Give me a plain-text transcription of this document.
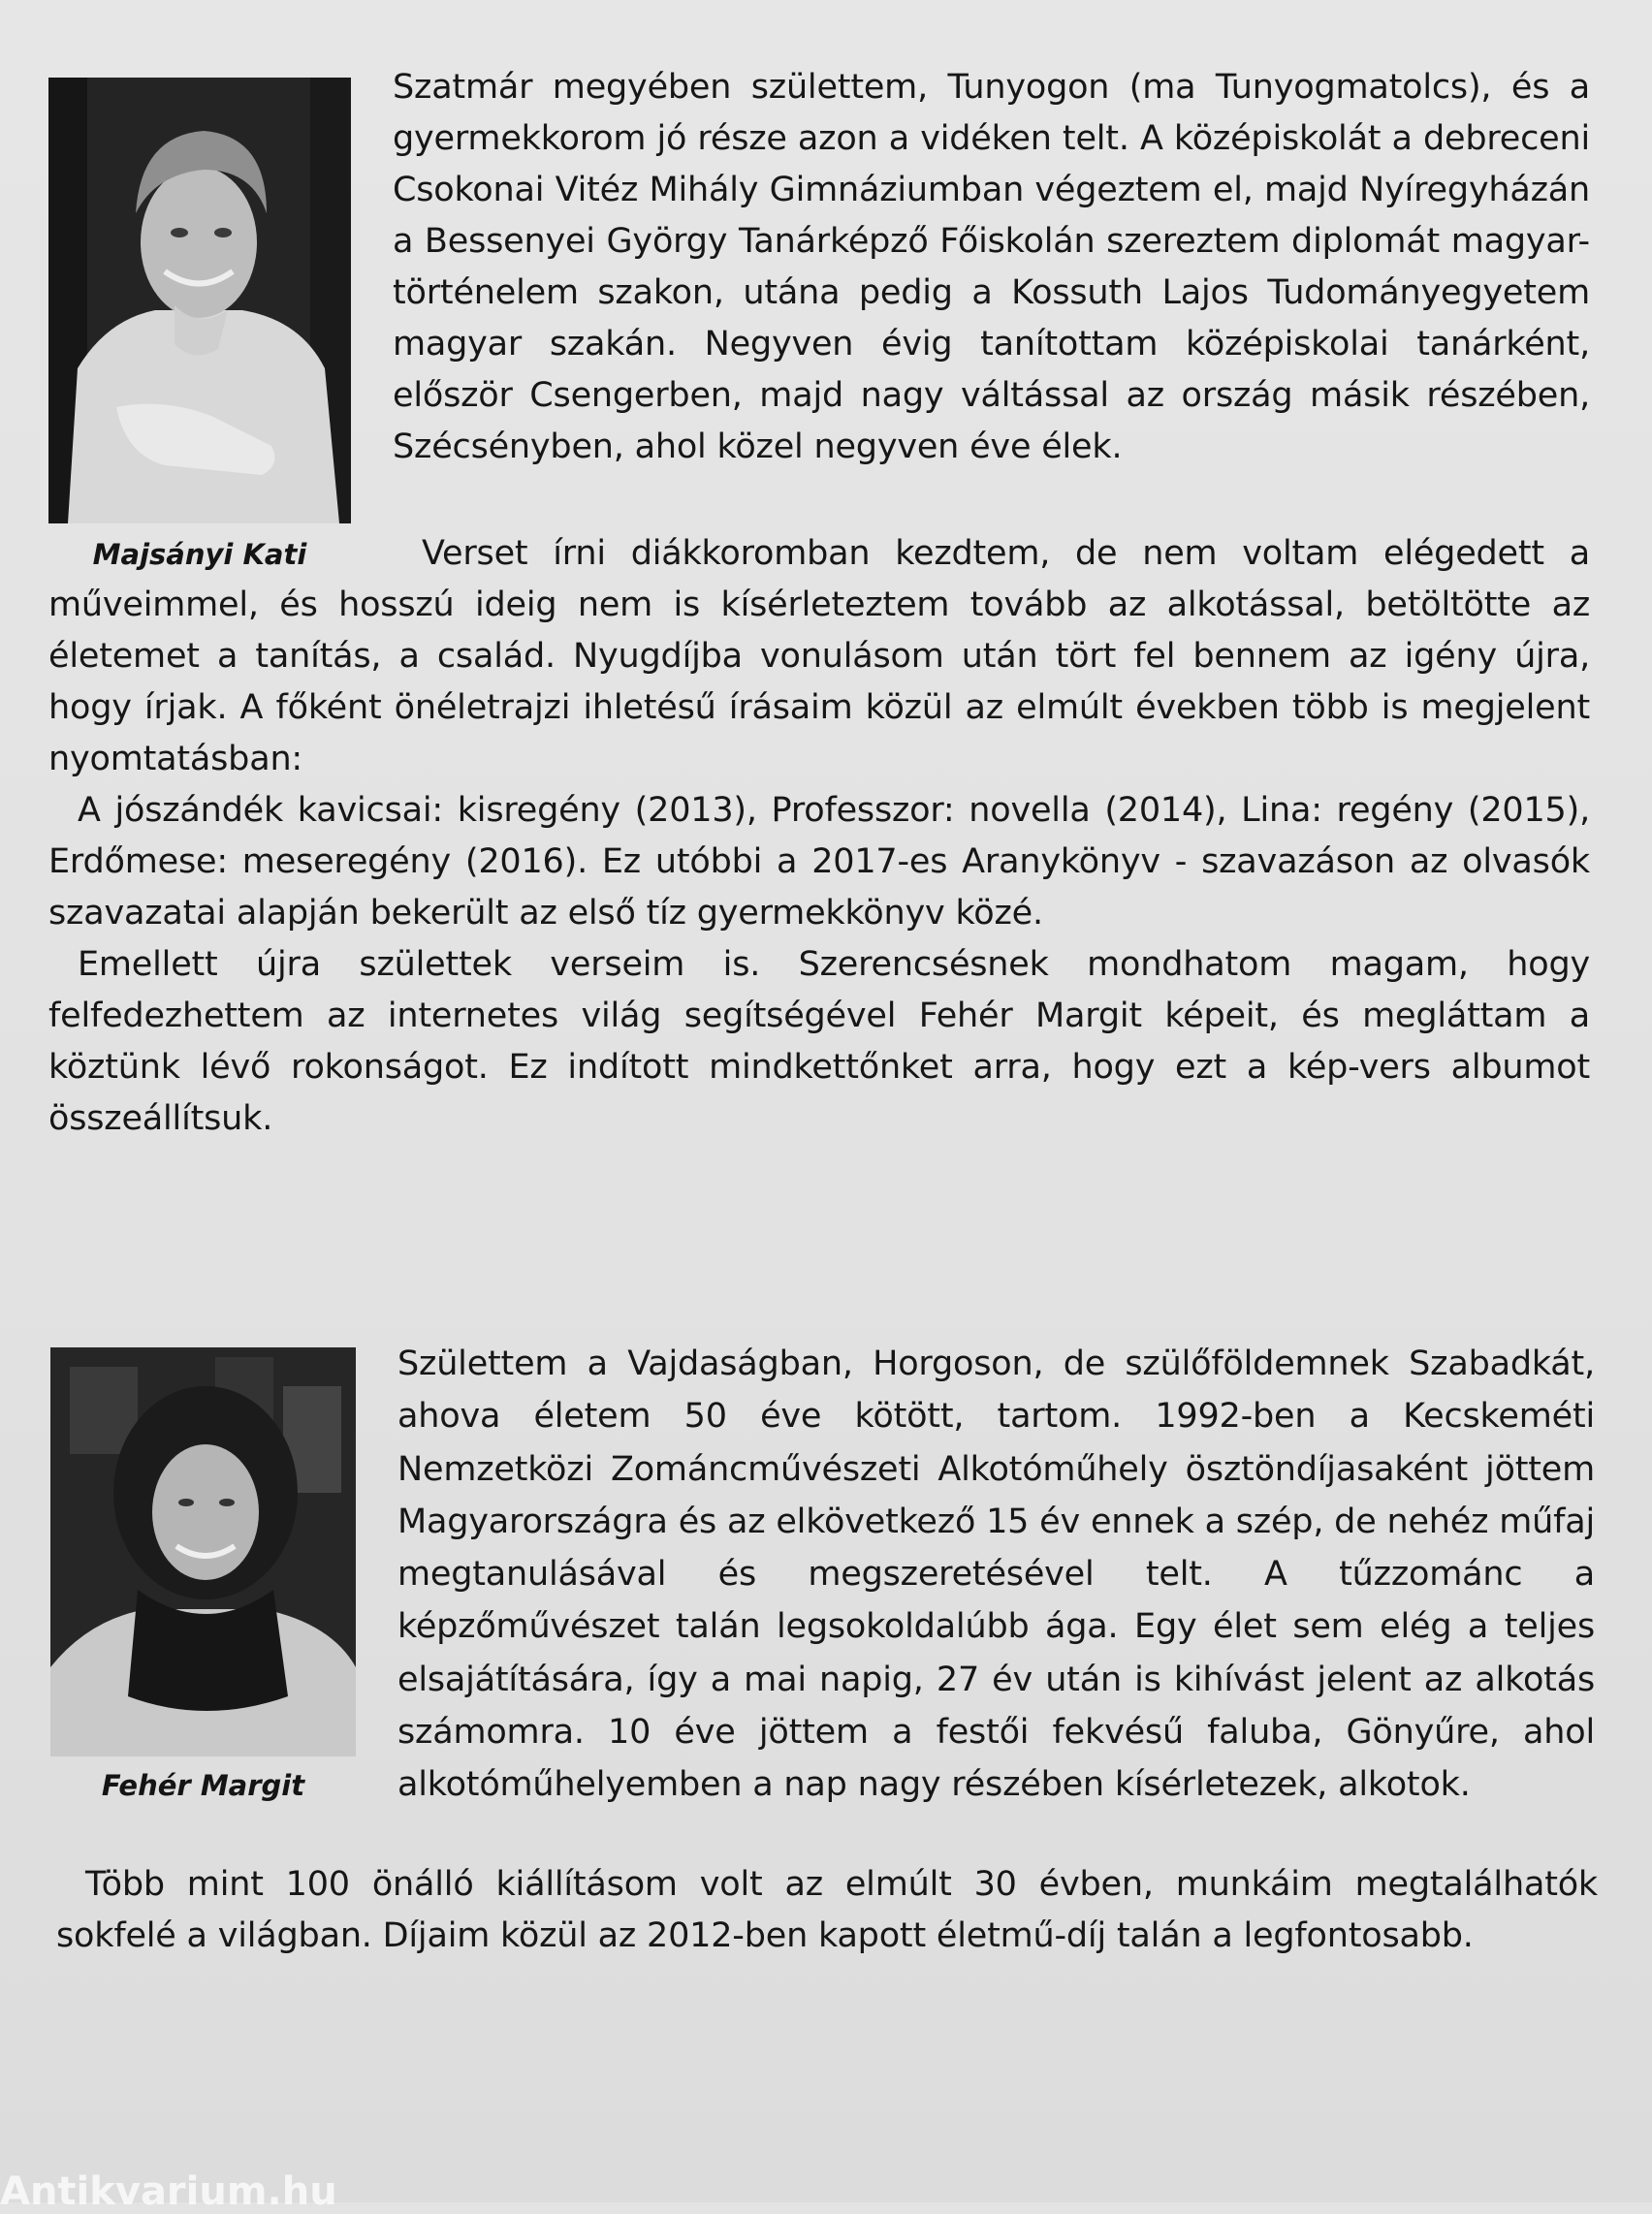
Majsányi Kati
Szatmár megyében születtem, Tunyogon (ma Tunyogmatolcs), és a gyermekkorom jó része azon a vidéken telt. A középiskolát a debreceni Csokonai Vitéz Mihály Gimnáziumban végeztem el, majd Nyíregyházán a Bessenyei György Tanárképző Főiskolán szereztem diplomát magyar-történelem szakon, utána pedig a Kossuth Lajos Tudományegyetem magyar szakán. Negyven évig tanítottam középiskolai tanárként, először Csengerben, majd nagy váltással az ország másik részében, Szécsényben, ahol közel negyven éve élek.
Verset írni diákkoromban kezdtem, de nem voltam elégedett a műveimmel, és hosszú ideig nem is kísérleteztem tovább az alkotással, betöltötte az életemet a tanítás, a család. Nyugdíjba vonulásom után tört fel bennem az igény újra, hogy írjak. A főként önéletrajzi ihletésű írásaim közül az elmúlt években több is megjelent nyomtatásban:
A jószándék kavicsai: kisregény (2013), Professzor: novella (2014), Lina: regény (2015), Erdőmese: meseregény (2016). Ez utóbbi a 2017-es Aranykönyv - szavazáson az olvasók szavazatai alapján bekerült az első tíz gyermekkönyv közé.
Emellett újra születtek verseim is. Szerencsésnek mondhatom magam, hogy felfedezhettem az internetes világ segítségével Fehér Margit képeit, és megláttam a köztünk lévő rokonságot. Ez indított mindkettőnket arra, hogy ezt a kép-vers albumot összeállítsuk.
Fehér Margit
Születtem a Vajdaságban, Horgoson, de szülőföldemnek Szabadkát, ahova életem 50 éve kötött, tartom. 1992-ben a Kecskeméti Nemzetközi Zománcművészeti Alkotóműhely ösztöndíjasaként jöttem Magyarországra és az elkövetkező 15 év ennek a szép, de nehéz műfaj megtanulásával és megszeretésével telt. A tűzzománc a képzőművészet talán legsokoldalúbb ága. Egy élet sem elég a teljes elsajátítására, így a mai napig, 27 év után is kihívást jelent az alkotás számomra. 10 éve jöttem a festői fekvésű faluba, Gönyűre, ahol alkotóműhelyemben a nap nagy részében kísérletezek, alkotok.
Több mint 100 önálló kiállításom volt az elmúlt 30 évben, munkáim megtalálhatók sokfelé a világban. Díjaim közül az 2012-ben kapott életmű-díj talán a legfontosabb.
Antikvarium.hu
